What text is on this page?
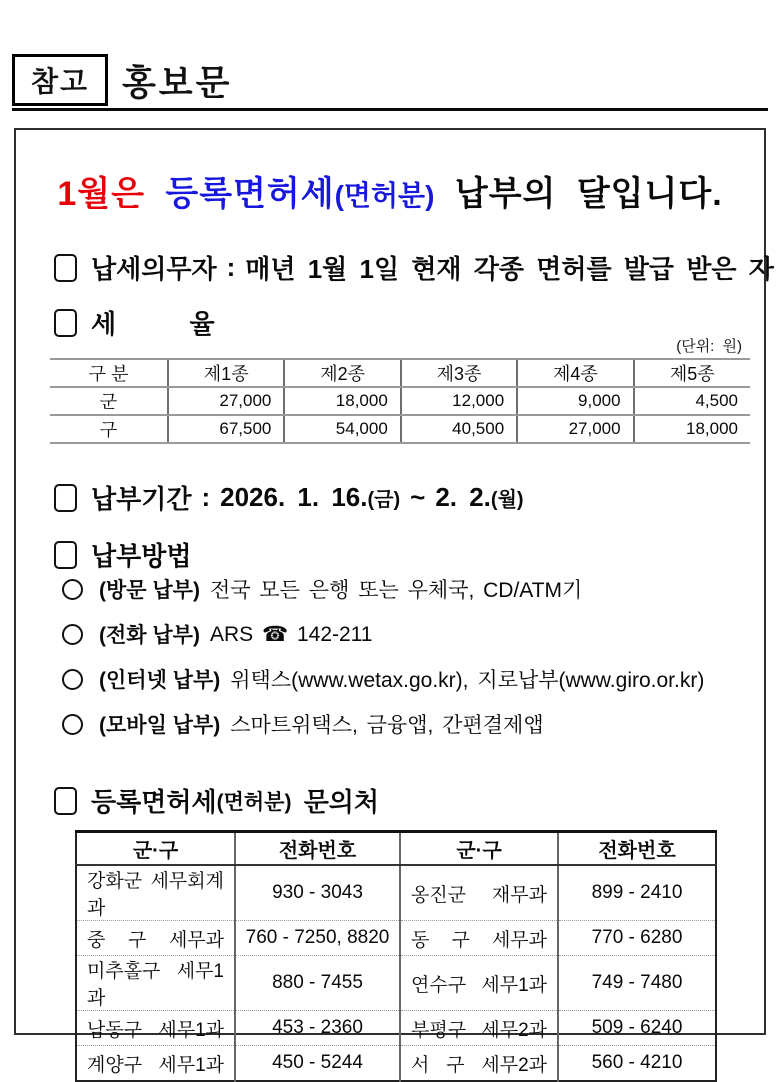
참고 홍보문
1월은 등록면허세(면허분) 납부의 달입니다.
납세의무자 : 매년 1월 1일 현재 각종 면허를 발급 받은 자
세      율
(단위: 원)
구 분	제1종	제2종	제3종	제4종	제5종
군	27,000	18,000	12,000	9,000	4,500
구	67,500	54,000	40,500	27,000	18,000
납부기간 : 2026. 1. 16. (금) ~ 2. 2. (월)
납부방법
(방문 납부) 전국 모든 은행 또는 우체국, CD/ATM기
(전화 납부) ARS ☎ 142-211
(인터넷 납부) 위택스(www.wetax.go.kr), 지로납부(www.giro.or.kr)
(모바일 납부) 스마트위택스, 금융앱, 간편결제앱
등록면허세 (면허분)
문의처
군·구	전화번호	군·구	전화번호
강화군 세무회계과	930 - 3043	옹진군 재무과	899 - 2410
중 구 세무과	760 - 7250, 8820	동 구 세무과	770 - 6280
미추홀구 세무1과	880 - 7455	연수구 세무1과	749 - 7480
남동구 세무1과	453 - 2360	부평구 세무2과	509 - 6240
계양구 세무1과	450 - 5244	서 구 세무2과	560 - 4210
